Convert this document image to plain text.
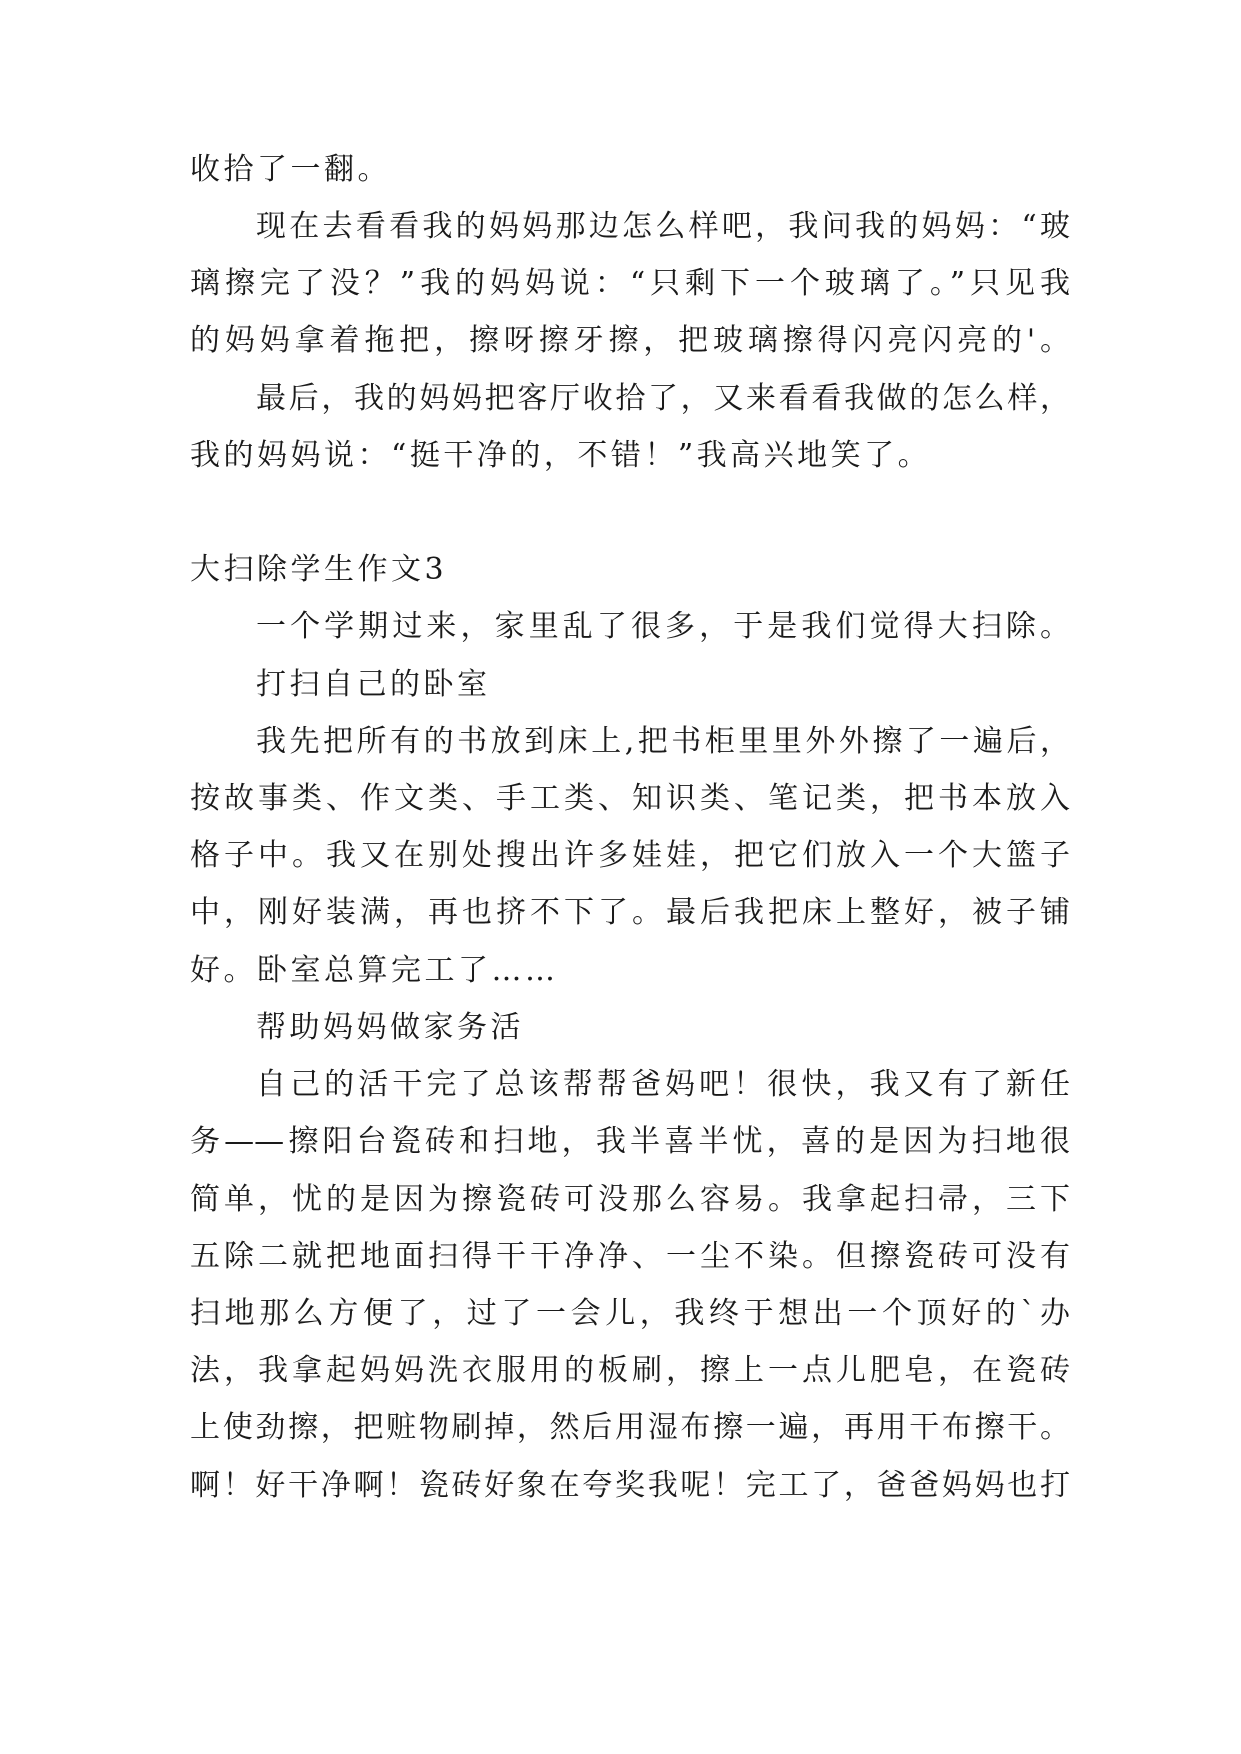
收拾了一翻。
现在去看看我的妈妈那边怎么样吧，我问我的妈妈：“玻
璃擦完了没？”我的妈妈说：“只剩下一个玻璃了。”只见我
的妈妈拿着拖把，擦呀擦牙擦，把玻璃擦得闪亮闪亮的'。
最后，我的妈妈把客厅收拾了，又来看看我做的怎么样，
我的妈妈说：“挺干净的，不错！”我高兴地笑了。
大扫除学生作文3
一个学期过来，家里乱了很多，于是我们觉得大扫除。
打扫自己的卧室
我先把所有的书放到床上,把书柜里里外外擦了一遍后，
按故事类、作文类、手工类、知识类、笔记类，把书本放入
格子中。我又在别处搜出许多娃娃，把它们放入一个大篮子
中，刚好装满，再也挤不下了。最后我把床上整好，被子铺
好。卧室总算完工了……
帮助妈妈做家务活
自己的活干完了总该帮帮爸妈吧！很快，我又有了新任
务——擦阳台瓷砖和扫地，我半喜半忧，喜的是因为扫地很
简单，忧的是因为擦瓷砖可没那么容易。我拿起扫帚，三下
五除二就把地面扫得干干净净、一尘不染。但擦瓷砖可没有
扫地那么方便了，过了一会儿，我终于想出一个顶好的`办
法，我拿起妈妈洗衣服用的板刷，擦上一点儿肥皂，在瓷砖
上使劲擦，把赃物刷掉，然后用湿布擦一遍，再用干布擦干。
啊！好干净啊！瓷砖好象在夸奖我呢！完工了，爸爸妈妈也打
